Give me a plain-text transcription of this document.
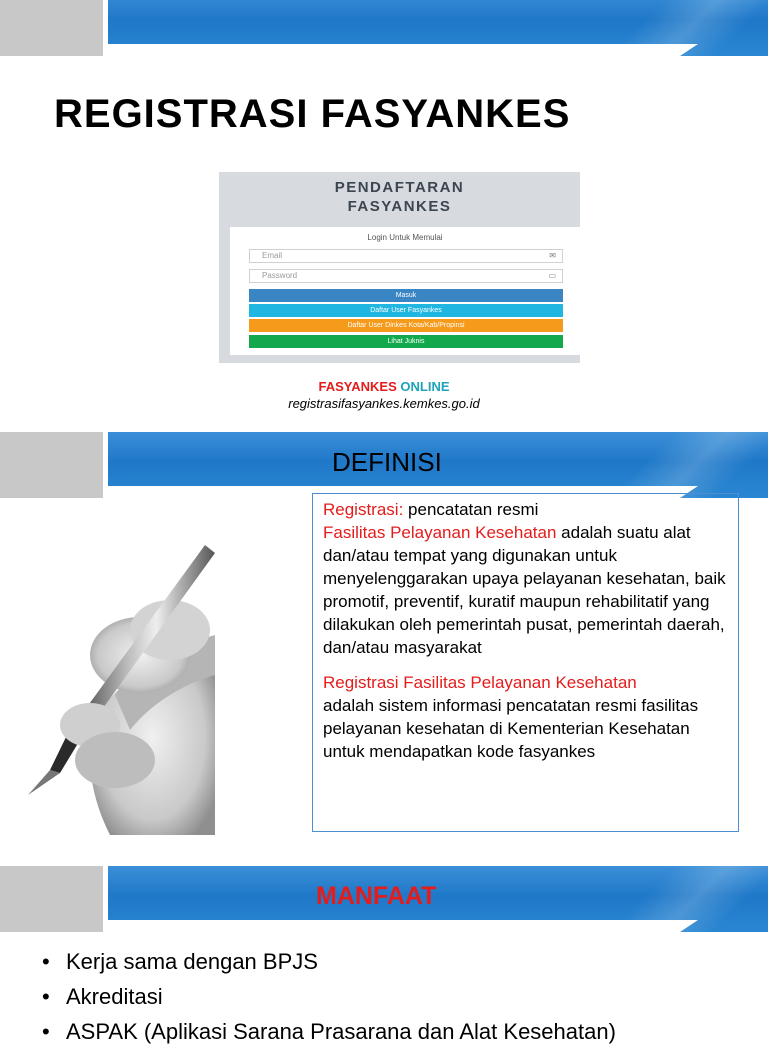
REGISTRASI FASYANKES
PENDAFTARAN FASYANKES
Login Untuk Memulai
Email	✉
Password	▭
Masuk
Daftar User Fasyankes
Daftar User Dinkes Kota/Kab/Propinsi
Lihat Juknis
FASYANKES ONLINE
registrasifasyankes.kemkes.go.id
DEFINISI

Registrasi: pencatatan resmi

Fasilitas Pelayanan Kesehatan adalah suatu alat dan/atau tempat yang digunakan untuk menyelenggarakan upaya pelayanan kesehatan, baik promotif, preventif, kuratif maupun rehabilitatif yang dilakukan oleh pemerintah pusat, pemerintah daerah, dan/atau masyarakat

Registrasi Fasilitas Pelayanan Kesehatan
adalah sistem informasi pencatatan resmi fasilitas pelayanan kesehatan di Kementerian Kesehatan untuk mendapatkan kode fasyankes

MANFAAT
• Kerja sama dengan BPJS
• Akreditasi
• ASPAK (Aplikasi Sarana Prasarana dan Alat Kesehatan)
